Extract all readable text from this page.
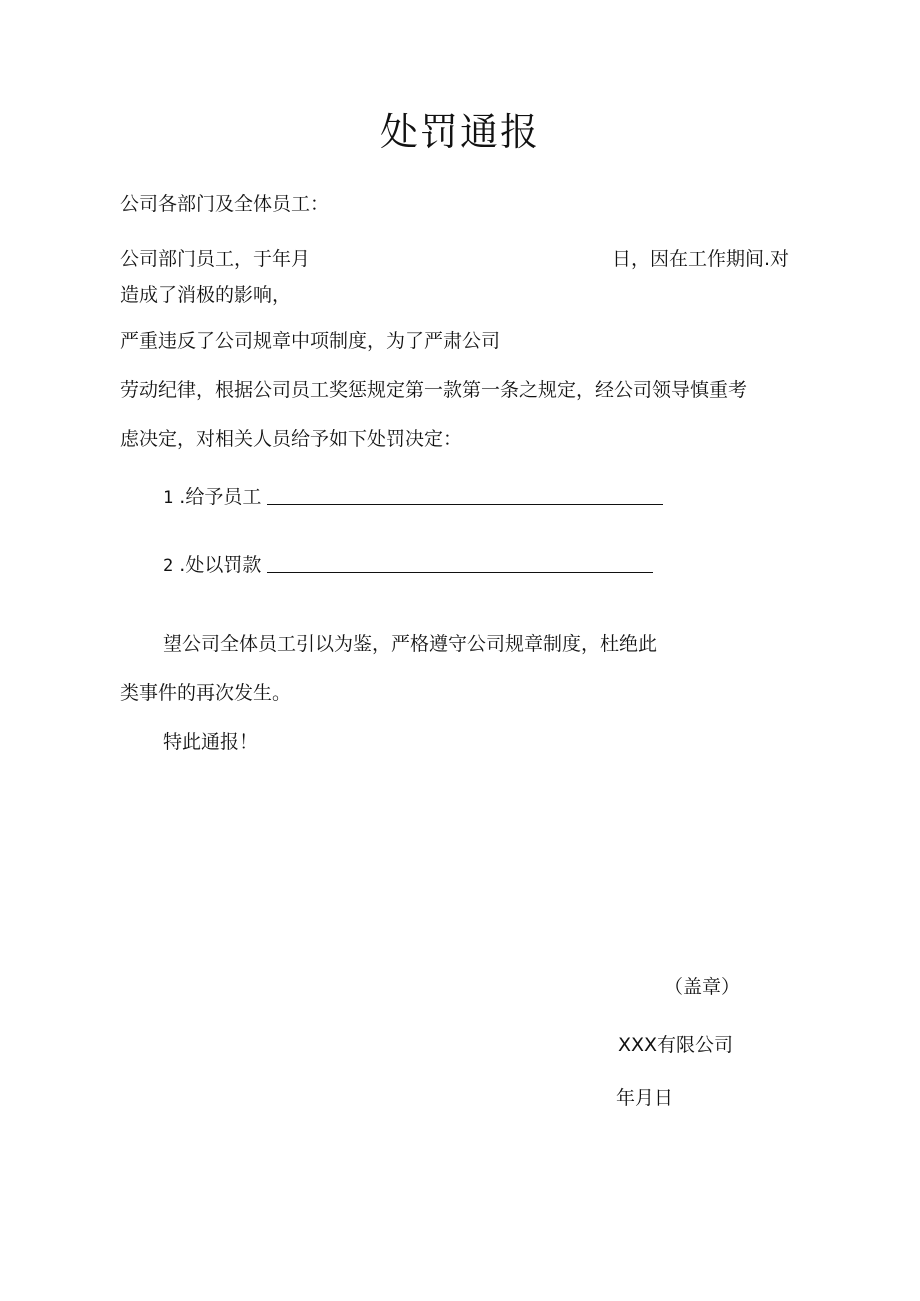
处罚通报
公司各部门及全体员工：
公司部门员工，于年月	日，因在工作期间.对
造成了消极的影响，
严重违反了公司规章中项制度，为了严肃公司
劳动纪律，根据公司员工奖惩规定第一款第一条之规定，经公司领导慎重考
虑决定，对相关人员给予如下处罚决定：
1 .给予员工
2 .处以罚款
望公司全体员工引以为鉴，严格遵守公司规章制度，杜绝此
类事件的再次发生。
特此通报！
（盖章）
XXX有限公司
年月日
